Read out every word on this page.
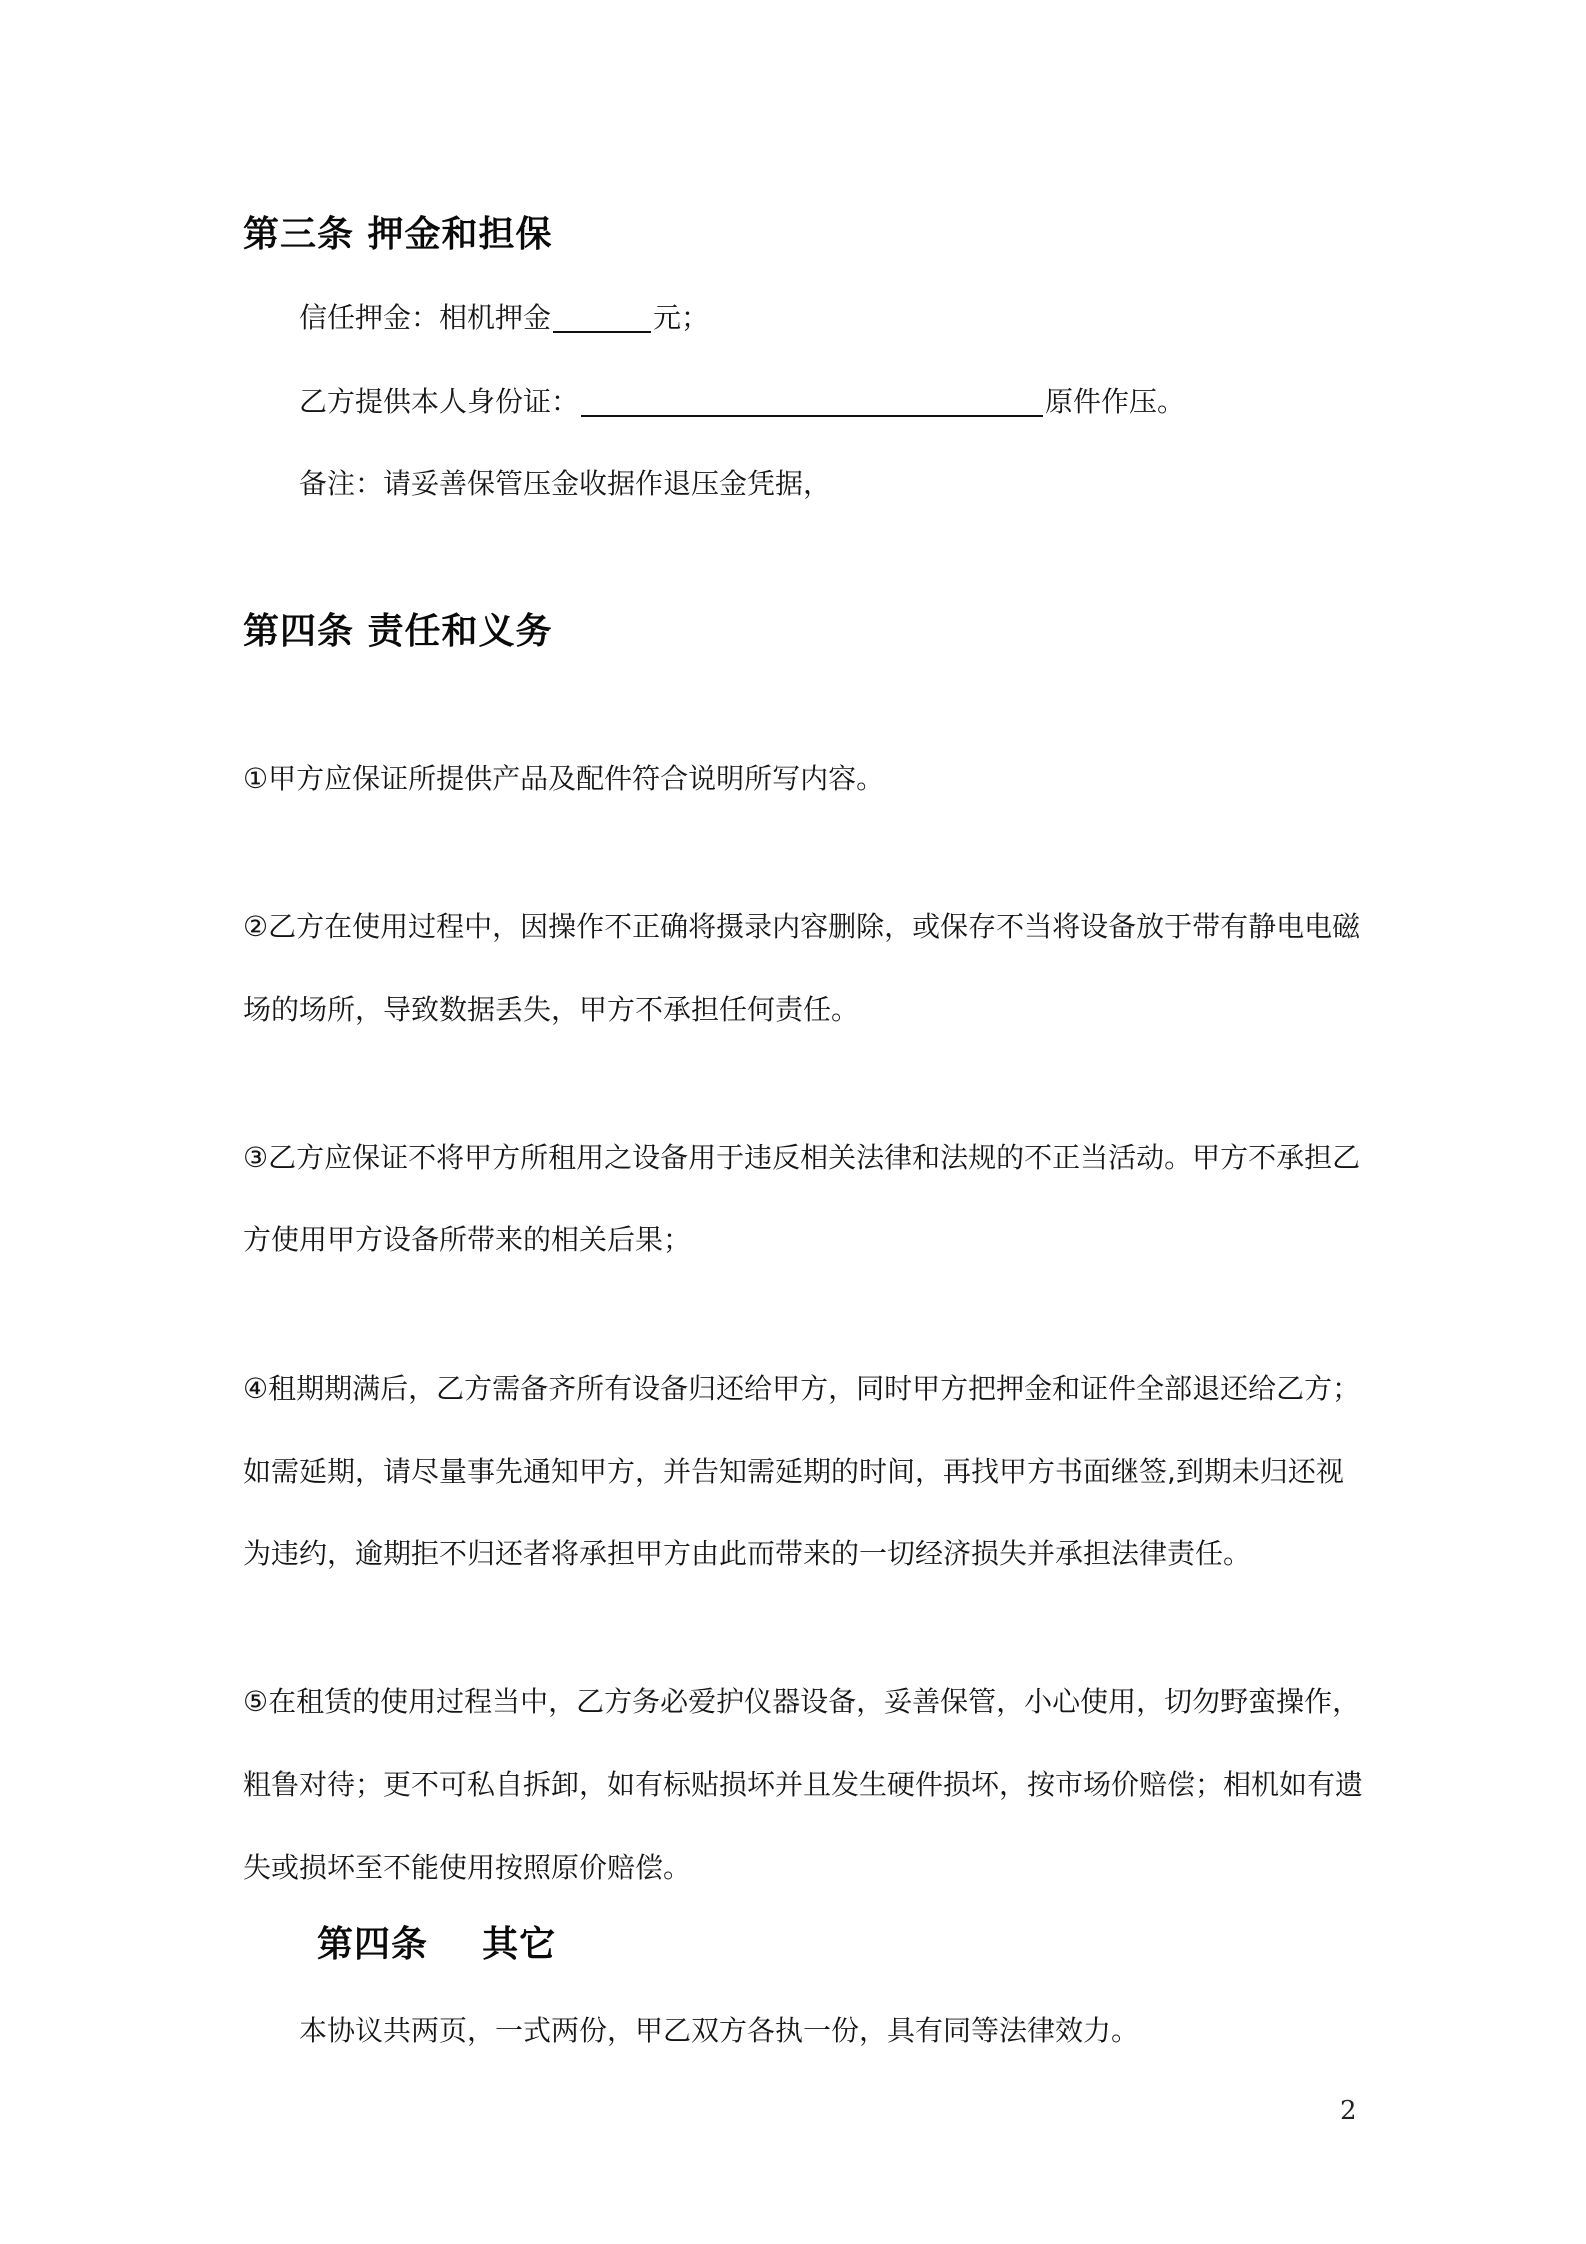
第三条 押金和担保
信任押金：相机押金	元；
乙方提供本人身份证：	原件作压。
备注：请妥善保管压金收据作退压金凭据，
第四条 责任和义务
①甲方应保证所提供产品及配件符合说明所写内容。
②乙方在使用过程中，因操作不正确将摄录内容删除，或保存不当将设备放于带有静电电磁
场的场所，导致数据丢失，甲方不承担任何责任。
③乙方应保证不将甲方所租用之设备用于违反相关法律和法规的不正当活动。甲方不承担乙
方使用甲方设备所带来的相关后果；
④租期期满后，乙方需备齐所有设备归还给甲方，同时甲方把押金和证件全部退还给乙方；
如需延期，请尽量事先通知甲方，并告知需延期的时间，再找甲方书面继签,到期未归还视
为违约，逾期拒不归还者将承担甲方由此而带来的一切经济损失并承担法律责任。
⑤在租赁的使用过程当中，乙方务必爱护仪器设备，妥善保管，小心使用，切勿野蛮操作，
粗鲁对待；更不可私自拆卸，如有标贴损坏并且发生硬件损坏，按市场价赔偿；相机如有遗
失或损坏至不能使用按照原价赔偿。
第四条    其它
本协议共两页，一式两份，甲乙双方各执一份，具有同等法律效力。
2
